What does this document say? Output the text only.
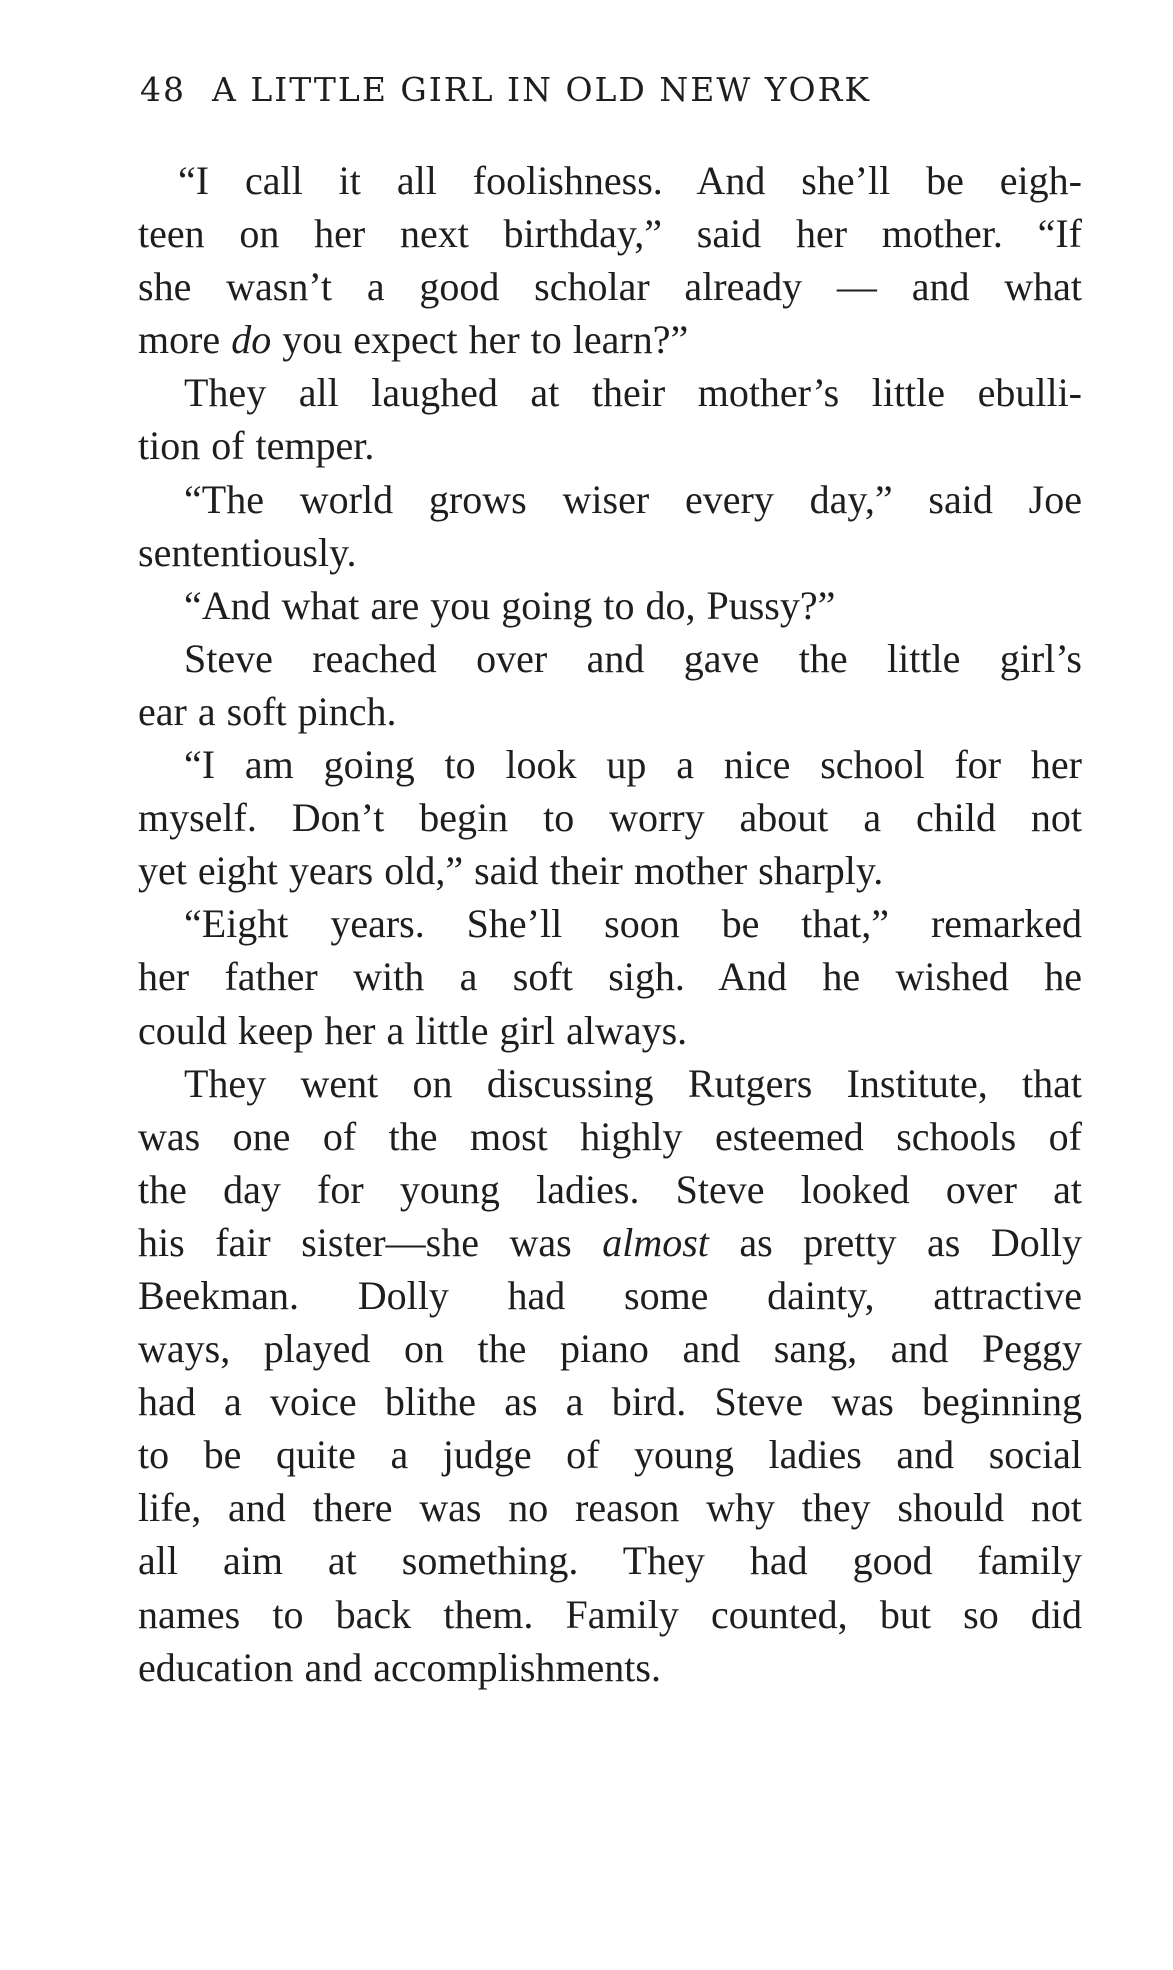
48 A LITTLE GIRL IN OLD NEW YORK
“I call it all foolishness. And she’ll be eigh-
teen on her next birthday,” said her mother. “If
she wasn’t a good scholar already — and what
more do you expect her to learn?”
They all laughed at their mother’s little ebulli-
tion of temper.
“The world grows wiser every day,” said Joe
sententiously.
“And what are you going to do, Pussy?”
Steve reached over and gave the little girl’s
ear a soft pinch.
“I am going to look up a nice school for her
myself. Don’t begin to worry about a child not
yet eight years old,” said their mother sharply.
“Eight years. She’ll soon be that,” remarked
her father with a soft sigh. And he wished he
could keep her a little girl always.
They went on discussing Rutgers Institute, that
was one of the most highly esteemed schools of
the day for young ladies. Steve looked over at
his fair sister—she was almost as pretty as Dolly
Beekman. Dolly had some dainty, attractive
ways, played on the piano and sang, and Peggy
had a voice blithe as a bird. Steve was beginning
to be quite a judge of young ladies and social
life, and there was no reason why they should not
all aim at something. They had good family
names to back them. Family counted, but so did
education and accomplishments.
